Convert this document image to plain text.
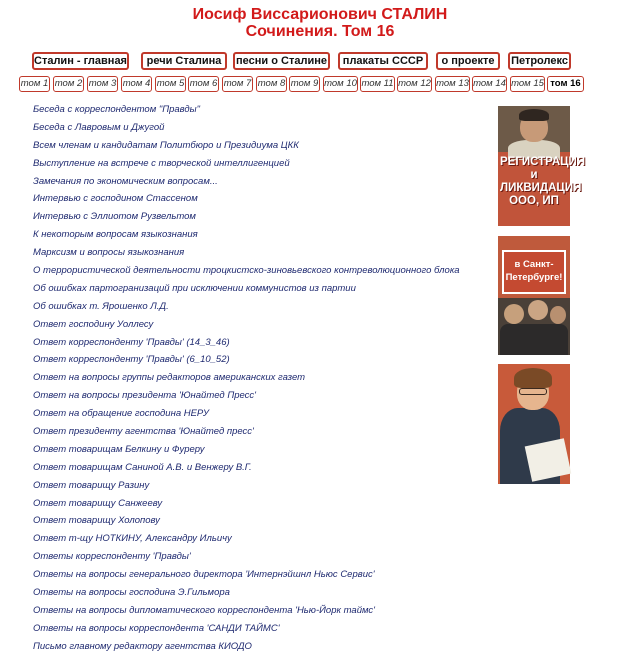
Иосиф Виссарионович СТАЛИН
Сочинения. Том 16
Сталин - главная	речи Сталина	песни о Сталине	плакаты СССР	о проекте	Петролекс
том 1 том 2 том 3 том 4 том 5 том 6 том 7 том 8 том 9 том 10 том 11 том 12 том 13 том 14 том 15 том 16
Беседа с корреспондентом "Правды"
Беседа с Лавровым и Джугой
Всем членам и кандидатам Политбюро и Президиума ЦКК
Выступление на встрече с творческой интеллигенцией
Замечания по экономическим вопросам...
Интервью с господином Стассеном
Интервью с Эллиотом Рузвельтом
К некоторым вопросам языкознания
Марксизм и вопросы языкознания
О террористической деятельности троцкистско-зиновьевского контреволюционного блока
Об ошибках партогранизаций при исключении коммунистов из партии
Об ошибках т. Ярошенко Л.Д.
Ответ господину Уоллесу
Ответ корреспонденту 'Правды' (14_3_46)
Ответ корреспонденту 'Правды' (6_10_52)
Ответ на вопросы группы редакторов американских газет
Ответ на вопросы президента 'Юнайтед Пресс'
Ответ на обращение господина НЕРУ
Ответ президенту агентства 'Юнайтед пресс'
Ответ товарищам Белкину и Фуреру
Ответ товарищам Саниной А.В. и Венжеру В.Г.
Ответ товарищу Разину
Ответ товарищу Санжееву
Ответ товарищу Холопову
Ответ т-щу НОТКИНУ, Александру Ильичу
Ответы корреспонденту 'Правды'
Ответы на вопросы генерального директора 'Интернэйшнл Ньюс Сервис'
Ответы на вопросы господина Э.Гильмора
Ответы на вопросы дипломатического корреспондента 'Нью-Йорк таймс'
Ответы на вопросы корреспондента 'САНДИ ТАЙМС'
Письмо главному редактору агентства КИОДО
РЕГИСТРАЦИЯ
и
ЛИКВИДАЦИЯ
ООО, ИП
в Санкт-
Петербурге!
